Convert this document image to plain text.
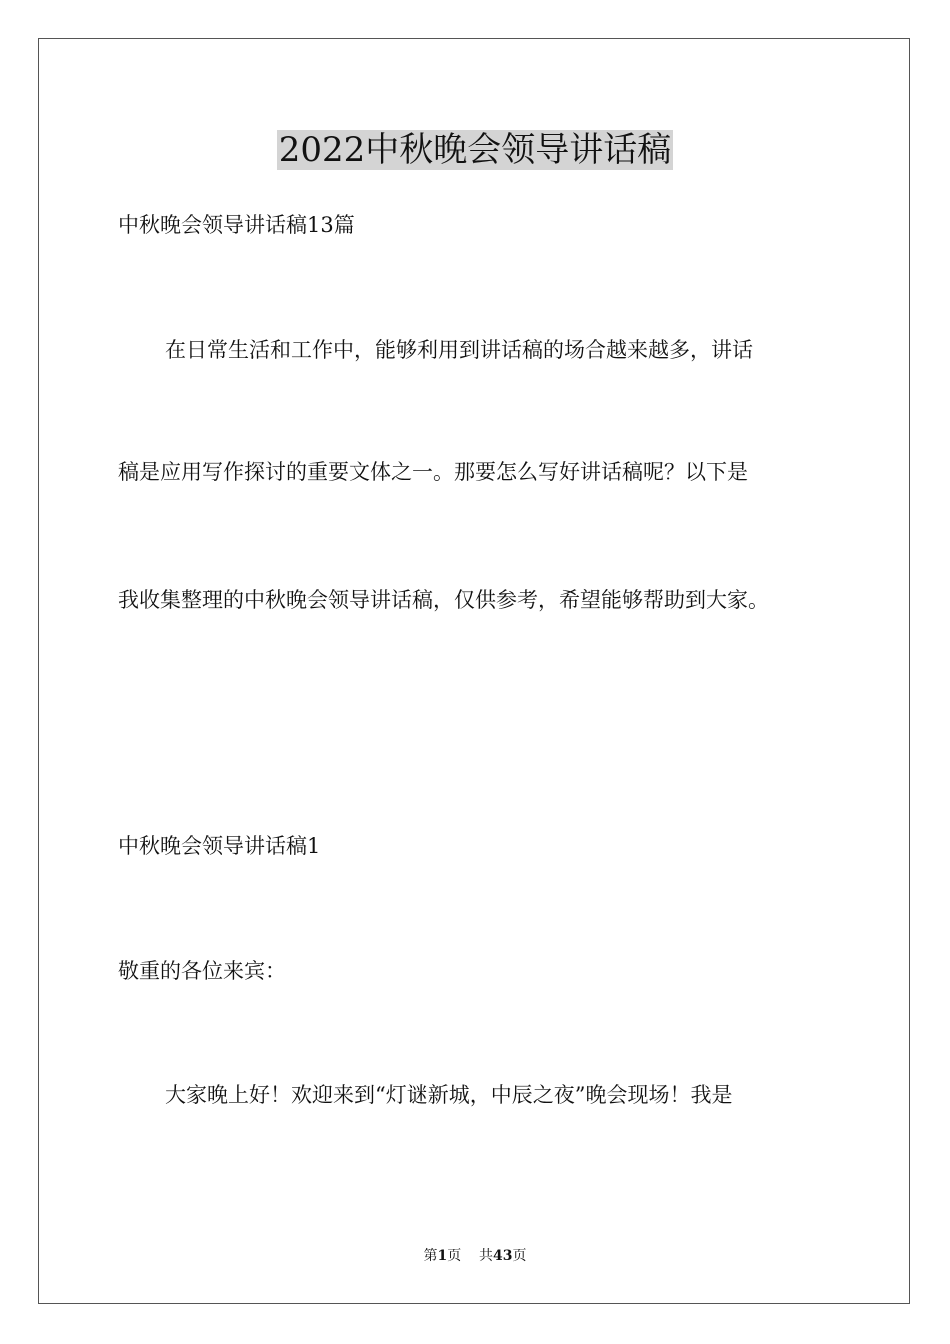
2022中秋晚会领导讲话稿
中秋晚会领导讲话稿13篇
在日常生活和工作中，能够利用到讲话稿的场合越来越多，讲话
稿是应用写作探讨的重要文体之一。那要怎么写好讲话稿呢？以下是
我收集整理的中秋晚会领导讲话稿，仅供参考，希望能够帮助到大家。
中秋晚会领导讲话稿1
敬重的各位来宾：
大家晚上好！欢迎来到“灯谜新城，中辰之夜”晚会现场！我是
第1页 共43页
